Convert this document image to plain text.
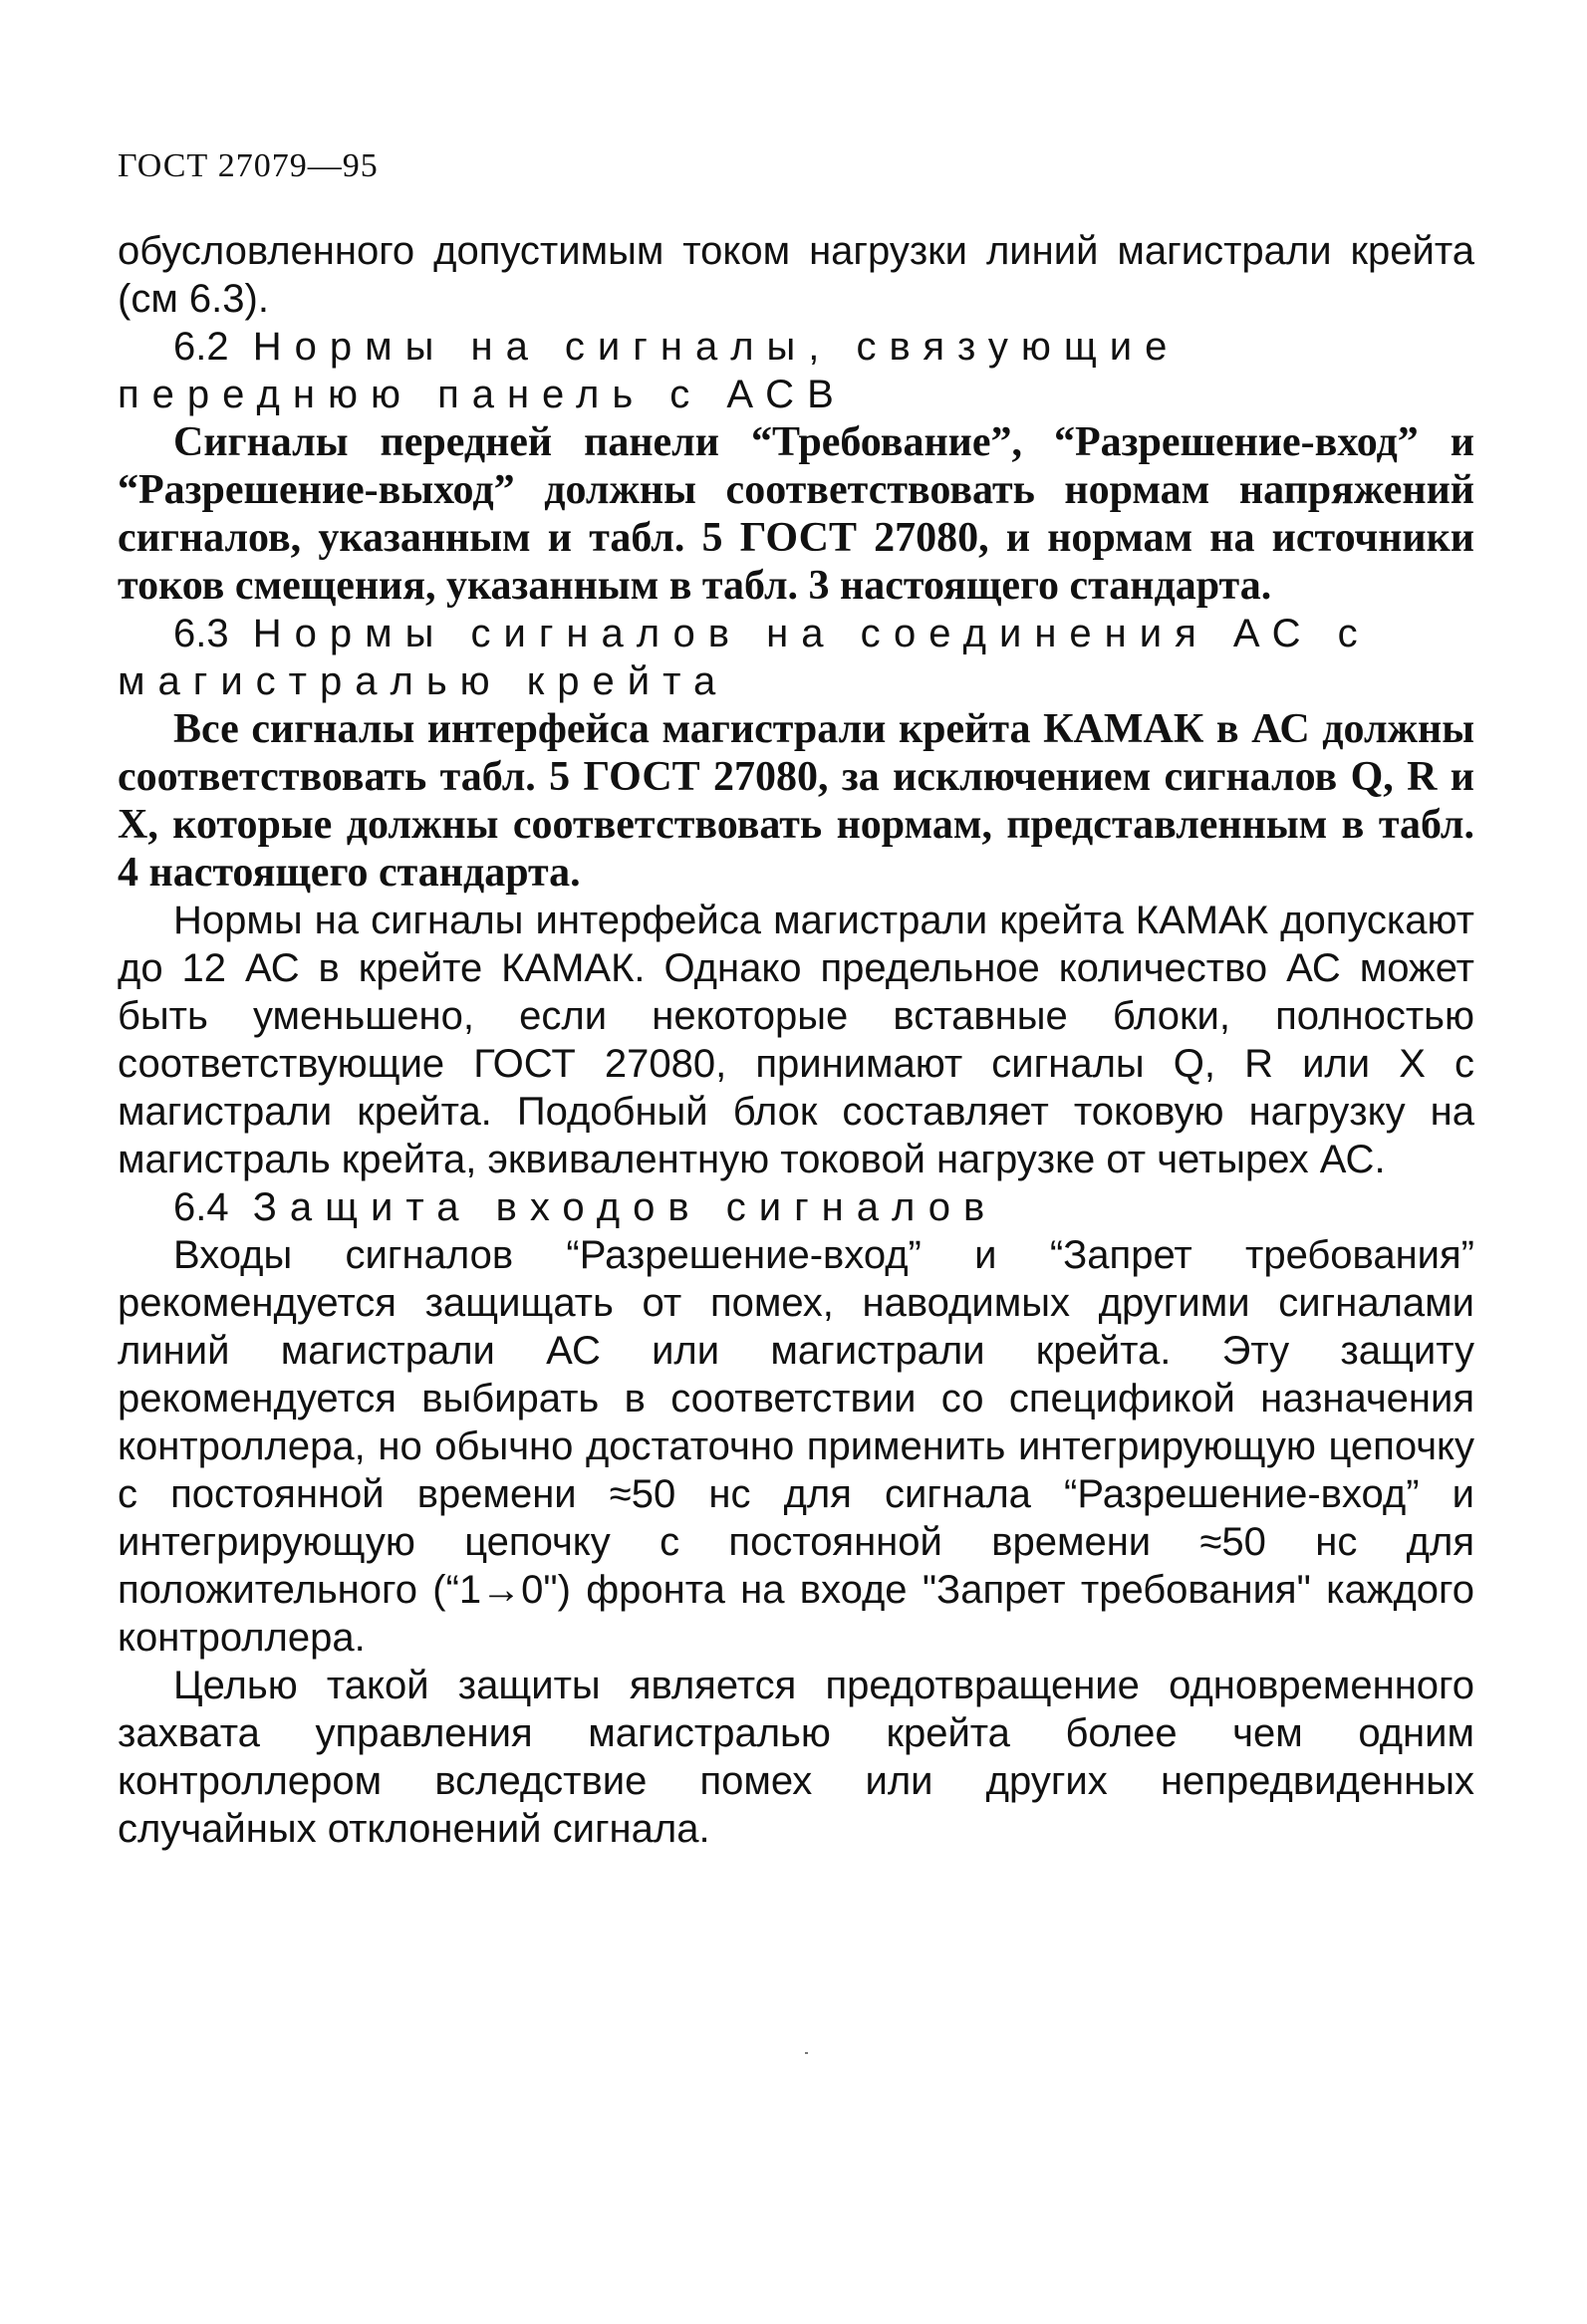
ГОСТ 27079—95

обусловленного допустимым током нагрузки линий магистрали крейта (см 6.3).

6.2 Нормы на сигналы, связующие переднюю панель с АСВ

Сигналы передней панели “Требование”, “Разрешение-вход” и “Разрешение-выход” должны соответствовать нормам напряжений сигналов, указанным и табл. 5 ГОСТ 27080, и нормам на источники токов смещения, указанным в табл. 3 настоящего стандарта.

6.3 Нормы сигналов на соединения АС с магистралью крейта

Все сигналы интерфейса магистрали крейта КАМАК в АС должны соответствовать табл. 5 ГОСТ 27080, за исключением сигналов Q, R и X, которые должны соответствовать нормам, представленным в табл. 4 настоящего стандарта.

Нормы на сигналы интерфейса магистрали крейта КАМАК допускают до 12 АС в крейте КАМАК. Однако предельное количество АС может быть уменьшено, если некоторые вставные блоки, полностью соответствующие ГОСТ 27080, принимают сигналы Q, R или X с магистрали крейта. Подобный блок составляет токовую нагрузку на магистраль крейта, эквивалентную токовой нагрузке от четырех АС.

6.4 Защита входов сигналов

Входы сигналов “Разрешение-вход” и “Запрет требования” рекомендуется защищать от помех, наводимых другими сигналами линий магистрали АС или магистрали крейта. Эту защиту рекомендуется выбирать в соответствии со спецификой назначения контроллера, но обычно достаточно применить интегрирующую цепочку с постоянной времени ≈50 нс для сигнала “Разрешение-вход” и интегрирующую цепочку с постоянной времени ≈50 нс для положительного (“1→0") фронта на входе "Запрет требования" каждого контроллера.

Целью такой защиты является предотвращение одновременного захвата управления магистралью крейта более чем одним контроллером вследствие помех или других непредвиденных случайных отклонений сигнала.
